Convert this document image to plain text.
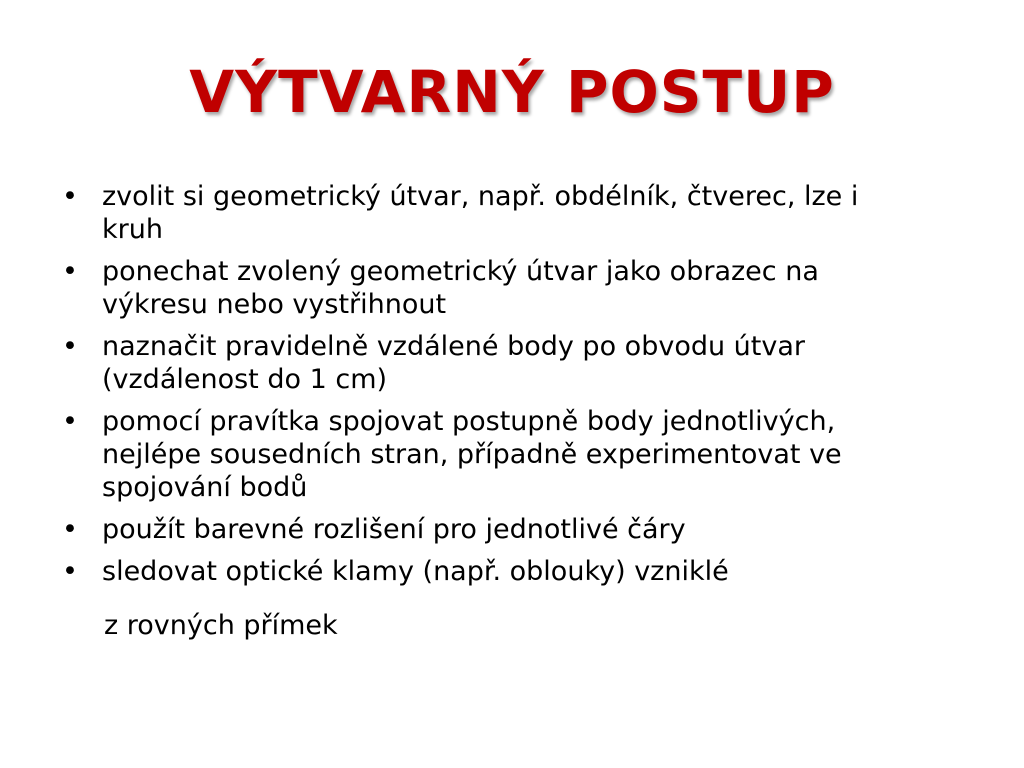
VÝTVARNÝ POSTUP
• zvolit si geometrický útvar, např. obdélník, čtverec, lze i kruh
• ponechat zvolený geometrický útvar jako obrazec na výkresu nebo vystřihnout
• naznačit pravidelně vzdálené body po obvodu útvar (vzdálenost do 1 cm)
• pomocí pravítka spojovat postupně body jednotlivých, nejlépe sousedních stran, případně experimentovat ve spojování bodů
• použít barevné rozlišení pro jednotlivé čáry
• sledovat optické klamy (např. oblouky) vzniklé
z rovných přímek
